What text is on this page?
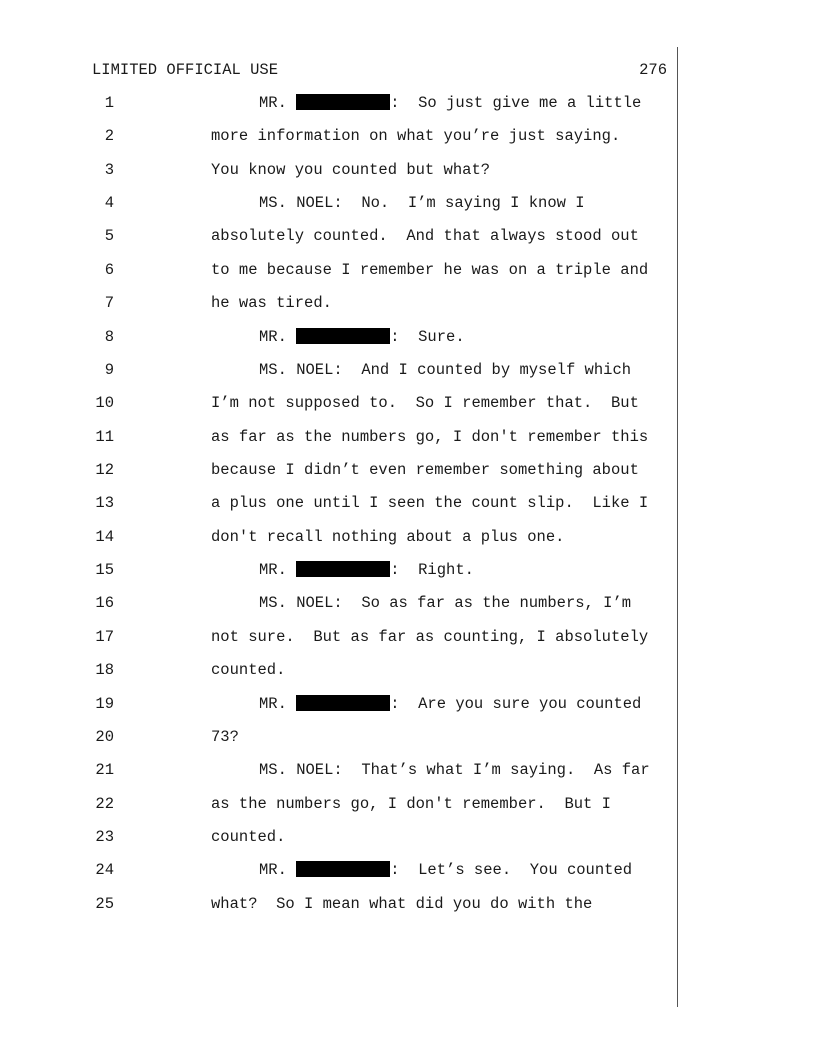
LIMITED OFFICIAL USE	276
1	MR.	:  So just give me a little
2	more information on what you’re just saying.
3	You know you counted but what?
4	MS. NOEL:  No.  I’m saying I know I
5	absolutely counted.  And that always stood out
6	to me because I remember he was on a triple and
7	he was tired.
8	MR.	:  Sure.
9	MS. NOEL:  And I counted by myself which
10	I’m not supposed to.  So I remember that.  But
11	as far as the numbers go, I don't remember this
12	because I didn’t even remember something about
13	a plus one until I seen the count slip.  Like I
14	don't recall nothing about a plus one.
15	MR.	:  Right.
16	MS. NOEL:  So as far as the numbers, I’m
17	not sure.  But as far as counting, I absolutely
18	counted.
19	MR.	:  Are you sure you counted
20	73?
21	MS. NOEL:  That’s what I’m saying.  As far
22	as the numbers go, I don't remember.  But I
23	counted.
24	MR.	:  Let’s see.  You counted
25	what?  So I mean what did you do with the
